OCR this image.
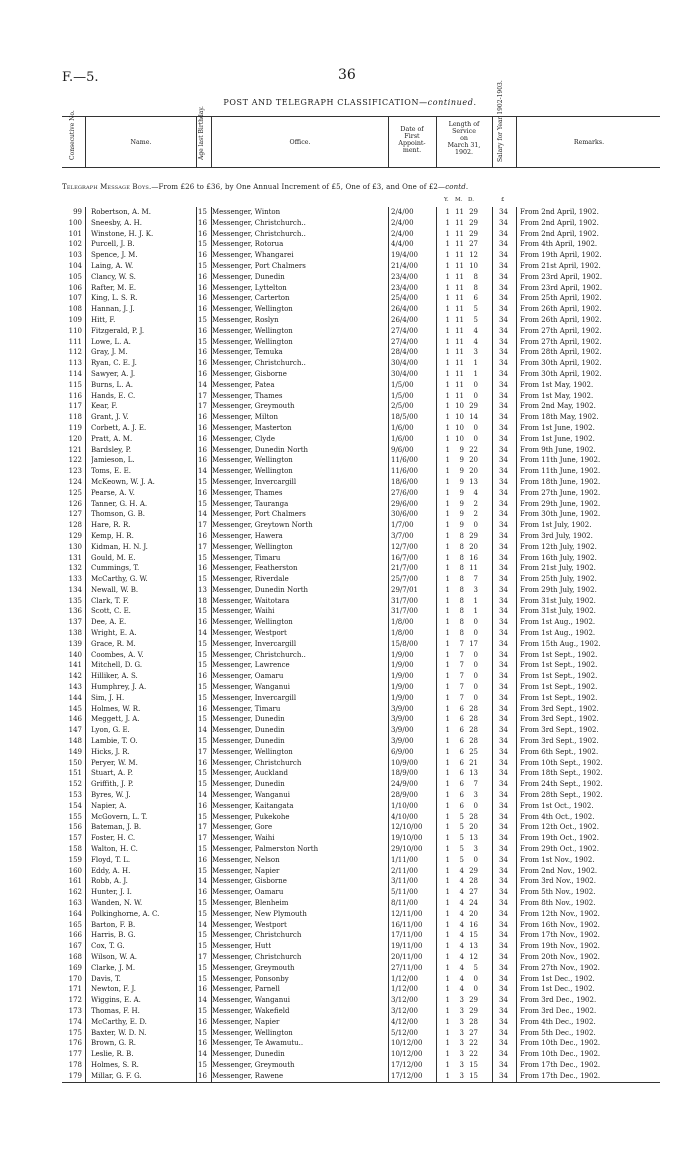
F.—5.	36
POST AND TELEGRAPH CLASSIFICATION—continued.
Consecutive No.	Name.	Age last Birthday.	Office.
Date of
First
Appoint-
ment.
Length of
Service
on
March 31,
1902.	Salary for Year 1902-1903.	Remarks.
Telegraph Message Boys.—From £26 to £36, by One Annual Increment of £5, One of £3, and One of £2—contd.
Y. M. D.	£
99 Robertson, A. M.	15 Messenger, Winton	2/4/00	1 11 29	34	From 2nd April, 1902.
100 Sneesby, A. H.	16 Messenger, Christchurch..	2/4/00	1 11 29	34	From 2nd April, 1902.
101 Winstone, H. J. K.	16 Messenger, Christchurch..	2/4/00	1 11 29	34	From 2nd April, 1902.
102 Purcell, J. B.	15 Messenger, Rotorua	4/4/00	1 11 27	34	From 4th April, 1902.
103 Spence, J. M.	16 Messenger, Whangarei	19/4/00	1 11 12	34	From 19th April, 1902.
104 Laing, A. W.	15 Messenger, Port Chalmers	21/4/00	1 11 10	34	From 21st April, 1902.
105 Clancy, W. S.	16 Messenger, Dunedin	23/4/00	1 11	8	34	From 23rd April, 1902.
106 Rafter, M. E.	16 Messenger, Lyttelton	23/4/00	1 11	8	34	From 23rd April, 1902.
107 King, L. S. R.	16 Messenger, Carterton	25/4/00	1 11	6	34	From 25th April, 1902.
108 Hannan, J. J.	16 Messenger, Wellington	26/4/00	1 11	5	34	From 26th April, 1902.
109 Hitt, F.	15 Messenger, Roslyn	26/4/00	1 11	5	34	From 26th April, 1902.
110 Fitzgerald, P. J.	16 Messenger, Wellington	27/4/00	1 11	4	34	From 27th April, 1902.
111 Lowe, L. A.	15 Messenger, Wellington	27/4/00	1 11	4	34	From 27th April, 1902.
112 Gray, J. M.	16 Messenger, Temuka	28/4/00	1 11	3	34	From 28th April, 1902.
113 Ryan, C. E. J.	16 Messenger, Christchurch..	30/4/00	1 11	1	34	From 30th April, 1902.
114 Sawyer, A. J.	16 Messenger, Gisborne	30/4/00	1 11	1	34	From 30th April, 1902.
115 Burns, L. A.	14 Messenger, Patea	1/5/00	1 11	0	34	From 1st May, 1902.
116 Hands, E. C.	17 Messenger, Thames	1/5/00	1 11	0	34	From 1st May, 1902.
117 Kear, F.	17 Messenger, Greymouth	2/5/00	1 10 29	34	From 2nd May, 1902.
118 Grant, J. V.	16 Messenger, Milton	18/5/00	1 10 14	34	From 18th May, 1902.
119 Corbett, A. J. E.	16 Messenger, Masterton	1/6/00	1 10	0	34	From 1st June, 1902.
120 Pratt, A. M.	16 Messenger, Clyde	1/6/00	1 10	0	34	From 1st June, 1902.
121 Bardsley, P.	16 Messenger, Dunedin North	9/6/00	1	9 22	34	From 9th June, 1902.
122 Jamieson, L.	16 Messenger, Wellington	11/6/00	1	9 20	34	From 11th June, 1902.
123 Toms, E. E.	14 Messenger, Wellington	11/6/00	1	9 20	34	From 11th June, 1902.
124 McKeown, W. J. A.	15 Messenger, Invercargill	18/6/00	1	9 13	34	From 18th June, 1902.
125 Pearse, A. V.	16 Messenger, Thames	27/6/00	1	9	4	34	From 27th June, 1902.
126 Tanner, G. H. A.	15 Messenger, Tauranga	29/6/00	1	9	2	34	From 29th June, 1902.
127 Thomson, G. B.	14 Messenger, Port Chalmers	30/6/00	1	9	2	34	From 30th June, 1902.
128 Hare, R. R.	17 Messenger, Greytown North	1/7/00	1	9	0	34	From 1st July, 1902.
129 Kemp, H. R.	16 Messenger, Hawera	3/7/00	1	8 29	34	From 3rd July, 1902.
130 Kidman, H. N. J.	17 Messenger, Wellington	12/7/00	1	8 20	34	From 12th July, 1902.
131 Gould, M. E.	15 Messenger, Timaru	16/7/00	1	8 16	34	From 16th July, 1902.
132 Cummings, T.	16 Messenger, Featherston	21/7/00	1	8 11	34	From 21st July, 1902.
133 McCarthy, G. W.	15 Messenger, Riverdale	25/7/00	1	8	7	34	From 25th July, 1902.
134 Newall, W. B.	13 Messenger, Dunedin North	29/7/01	1	8	3	34	From 29th July, 1902.
135 Clark, T. F.	18 Messenger, Waitotara	31/7/00	1	8	1	34	From 31st July, 1902.
136 Scott, C. E.	15 Messenger, Waihi	31/7/00	1	8	1	34	From 31st July, 1902.
137 Dee, A. E.	16 Messenger, Wellington	1/8/00	1	8	0	34	From 1st Aug., 1902.
138 Wright, E. A.	14 Messenger, Westport	1/8/00	1	8	0	34	From 1st Aug., 1902.
139 Grace, R. M.	15 Messenger, Invercargill	15/8/00	1	7 17	34	From 15th Aug., 1902.
140 Coombes, A. V.	15 Messenger, Christchurch..	1/9/00	1	7	0	34	From 1st Sept., 1902.
141 Mitchell, D. G.	15 Messenger, Lawrence	1/9/00	1	7	0	34	From 1st Sept., 1902.
142 Hilliker, A. S.	16 Messenger, Oamaru	1/9/00	1	7	0	34	From 1st Sept., 1902.
143 Humphrey, J. A.	15 Messenger, Wanganui	1/9/00	1	7	0	34	From 1st Sept., 1902.
144 Sim, J. H.	15 Messenger, Invercargill	1/9/00	1	7	0	34	From 1st Sept., 1902.
145 Holmes, W. R.	16 Messenger, Timaru	3/9/00	1	6 28	34	From 3rd Sept., 1902.
146 Meggett, J. A.	15 Messenger, Dunedin	3/9/00	1	6 28	34	From 3rd Sept., 1902.
147 Lyon, G. E.	14 Messenger, Dunedin	3/9/00	1	6 28	34	From 3rd Sept., 1902.
148 Lambie, T. O.	15 Messenger, Dunedin	3/9/00	1	6 28	34	From 3rd Sept., 1902.
149 Hicks, J. R.	17 Messenger, Wellington	6/9/00	1	6 25	34	From 6th Sept., 1902.
150 Peryer, W. M.	16 Messenger, Christchurch	10/9/00	1	6 21	34	From 10th Sept., 1902.
151 Stuart, A. P.	15 Messenger, Auckland	18/9/00	1	6 13	34	From 18th Sept., 1902.
152 Griffith, J. P.	15 Messenger, Dunedin	24/9/00	1	6	7	34	From 24th Sept., 1902.
153 Byres, W. J.	14 Messenger, Wanganui	28/9/00	1	6	3	34	From 28th Sept., 1902.
154 Napier, A.	16 Messenger, Kaitangata	1/10/00	1	6	0	34	From 1st Oct., 1902.
155 McGovern, L. T.	15 Messenger, Pukekohe	4/10/00	1	5 28	34	From 4th Oct., 1902.
156 Bateman, J. B.	17 Messenger, Gore	12/10/00	1	5 20	34	From 12th Oct., 1902.
157 Foster, H. C.	17 Messenger, Waihi	19/10/00	1	5 13	34	From 19th Oct., 1902.
158 Walton, H. C.	15 Messenger, Palmerston North	29/10/00	1	5	3	34	From 29th Oct., 1902.
159 Floyd, T. L.	16 Messenger, Nelson	1/11/00	1	5	0	34	From 1st Nov., 1902.
160 Eddy, A. H.	15 Messenger, Napier	2/11/00	1	4 29	34	From 2nd Nov., 1902.
161 Robb, A. J.	14 Messenger, Gisborne	3/11/00	1	4 28	34	From 3rd Nov., 1902.
162 Hunter, J. I.	16 Messenger, Oamaru	5/11/00	1	4 27	34	From 5th Nov., 1902.
163 Wanden, N. W.	15 Messenger, Blenheim	8/11/00	1	4 24	34	From 8th Nov., 1902.
164 Polkinghorne, A. C.	15 Messenger, New Plymouth	12/11/00	1	4 20	34	From 12th Nov., 1902.
165 Barton, F. B.	14 Messenger, Westport	16/11/00	1	4 16	34	From 16th Nov., 1902.
166 Harris, B. G.	15 Messenger, Christchurch	17/11/00	1	4 15	34	From 17th Nov., 1902.
167 Cox, T. G.	15 Messenger, Hutt	19/11/00	1	4 13	34	From 19th Nov., 1902.
168 Wilson, W. A.	17 Messenger, Christchurch	20/11/00	1	4 12	34	From 20th Nov., 1902.
169 Clarke, J. M.	15 Messenger, Greymouth	27/11/00	1	4	5	34	From 27th Nov., 1902.
170 Davis, T.	15 Messenger, Ponsonby	1/12/00	1	4	0	34	From 1st Dec., 1902.
171 Newton, F. J.	16 Messenger, Parnell	1/12/00	1	4	0	34	From 1st Dec., 1902.
172 Wiggins, E. A.	14 Messenger, Wanganui	3/12/00	1	3 29	34	From 3rd Dec., 1902.
173 Thomas, F. H.	15 Messenger, Wakefield	3/12/00	1	3 29	34	From 3rd Dec., 1902.
174 McCarthy, E. D.	16 Messenger, Napier	4/12/00	1	3 28	34	From 4th Dec., 1902.
175 Baxter, W. D. N.	15 Messenger, Wellington	5/12/00	1	3 27	34	From 5th Dec., 1902.
176 Brown, G. R.	16 Messenger, Te Awamutu..	10/12/00	1	3 22	34	From 10th Dec., 1902.
177 Leslie, R. B.	14 Messenger, Dunedin	10/12/00	1	3 22	34	From 10th Dec., 1902.
178 Holmes, S. R.	15 Messenger, Greymouth	17/12/00	1	3 15	34	From 17th Dec., 1902.
179 Millar, G. F. G.	16 Messenger, Rawene	17/12/00	1	3 15	34	From 17th Dec., 1902.
